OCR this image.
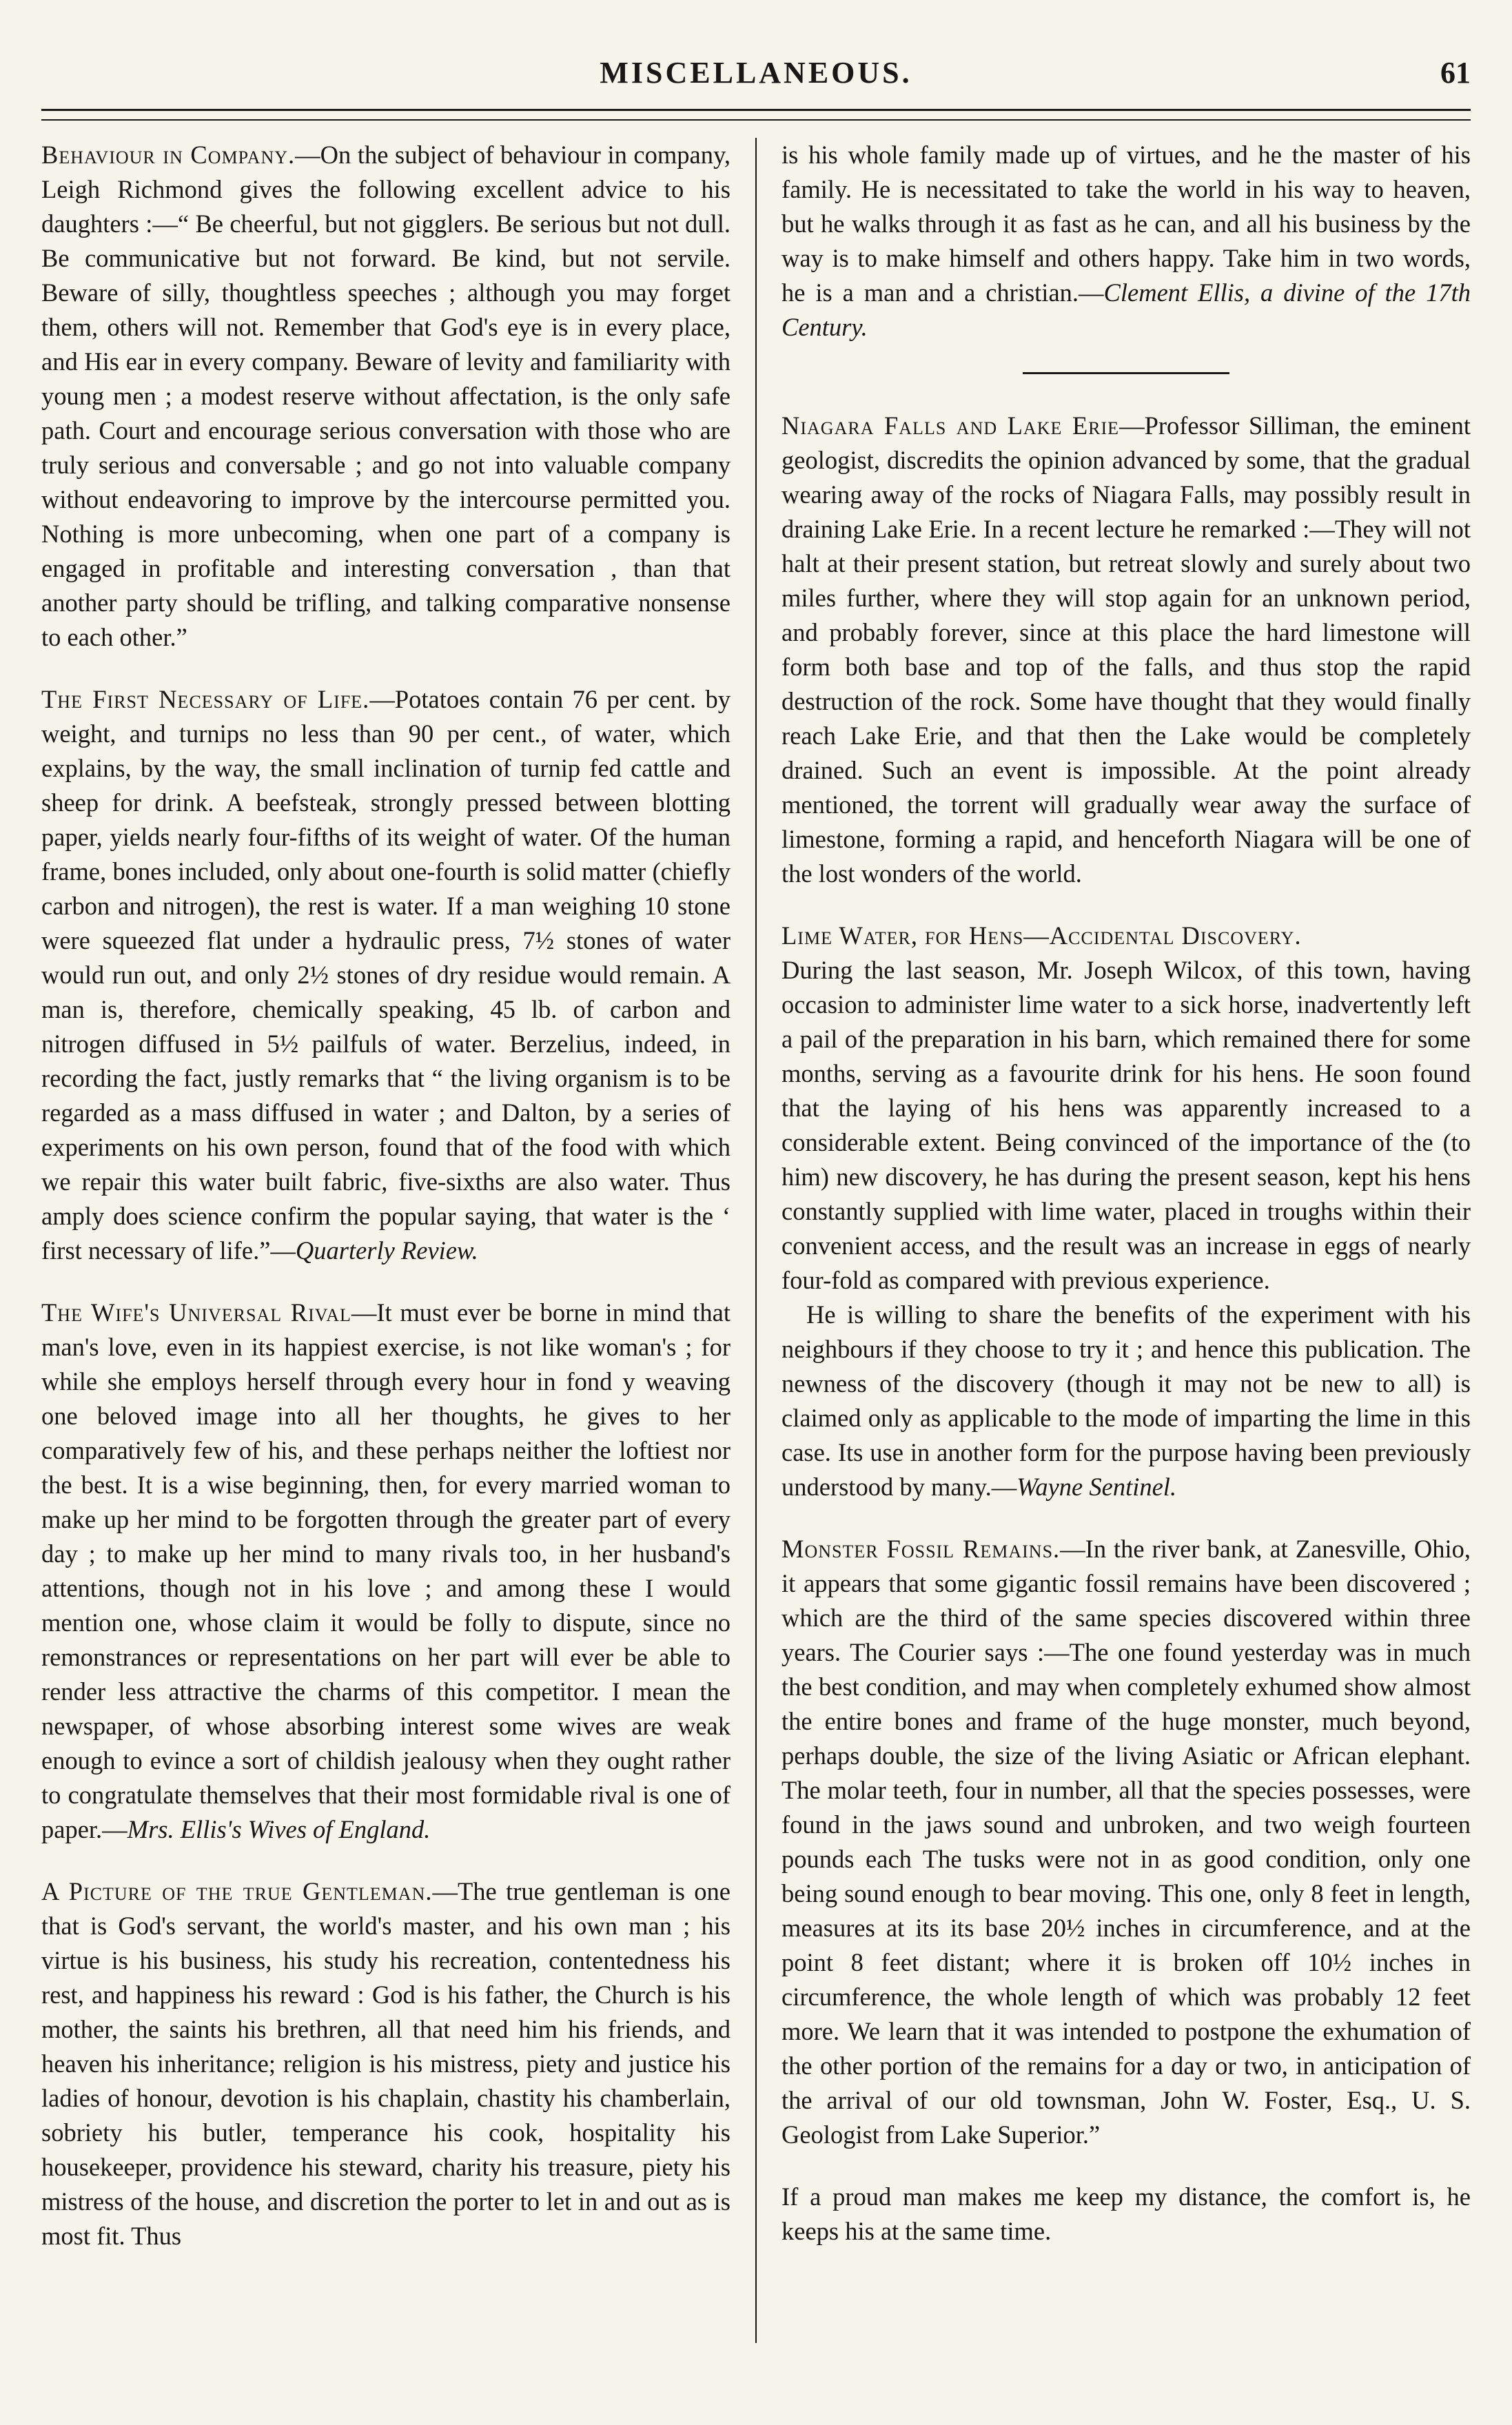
MISCELLANEOUS.	61

Behaviour in Company.—On the subject of behaviour in company, Leigh Richmond gives the following excellent advice to his daughters :—“ Be cheerful, but not gigglers. Be serious but not dull. Be communicative but not forward. Be kind, but not servile. Beware of silly, thoughtless speeches ; although you may forget them, others will not. Remember that God's eye is in every place, and His ear in every company. Beware of levity and familiarity with young men ; a modest reserve without affectation, is the only safe path. Court and encourage serious conversation with those who are truly serious and conversable ; and go not into valuable company without endeavoring to improve by the intercourse permitted you. Nothing is more unbecoming, when one part of a company is engaged in profitable and interesting conversation , than that another party should be trifling, and talking comparative nonsense to each other.”

The First Necessary of Life.—Potatoes contain 76 per cent. by weight, and turnips no less than 90 per cent., of water, which explains, by the way, the small inclination of turnip fed cattle and sheep for drink. A beefsteak, strongly pressed between blotting paper, yields nearly four-fifths of its weight of water. Of the human frame, bones included, only about one-fourth is solid matter (chiefly carbon and nitrogen), the rest is water. If a man weighing 10 stone were squeezed flat under a hydraulic press, 7½ stones of water would run out, and only 2½ stones of dry residue would remain. A man is, therefore, chemically speaking, 45 lb. of carbon and nitrogen diffused in 5½ pailfuls of water. Berzelius, indeed, in recording the fact, justly remarks that “ the living organism is to be regarded as a mass diffused in water ; and Dalton, by a series of experiments on his own person, found that of the food with which we repair this water built fabric, five-sixths are also water. Thus amply does science confirm the popular saying, that water is the ‘ first necessary of life.”—Quarterly Review.

The Wife's Universal Rival—It must ever be borne in mind that man's love, even in its happiest exercise, is not like woman's ; for while she employs herself through every hour in fond y weaving one beloved image into all her thoughts, he gives to her comparatively few of his, and these perhaps neither the loftiest nor the best. It is a wise beginning, then, for every married woman to make up her mind to be forgotten through the greater part of every day ; to make up her mind to many rivals too, in her husband's attentions, though not in his love ; and among these I would mention one, whose claim it would be folly to dispute, since no remonstrances or representations on her part will ever be able to render less attractive the charms of this competitor. I mean the newspaper, of whose absorbing interest some wives are weak enough to evince a sort of childish jealousy when they ought rather to congratulate themselves that their most formidable rival is one of paper.—Mrs. Ellis's Wives of England.

A Picture of the true Gentleman.—The true gentleman is one that is God's servant, the world's master, and his own man ; his virtue is his business, his study his recreation, contentedness his rest, and happiness his reward : God is his father, the Church is his mother, the saints his brethren, all that need him his friends, and heaven his inheritance; religion is his mistress, piety and justice his ladies of honour, devotion is his chaplain, chastity his chamberlain, sobriety his butler, temperance his cook, hospitality his housekeeper, providence his steward, charity his treasure, piety his mistress of the house, and discretion the porter to let in and out as is most fit. Thus

is his whole family made up of virtues, and he the master of his family. He is necessitated to take the world in his way to heaven, but he walks through it as fast as he can, and all his business by the way is to make himself and others happy. Take him in two words, he is a man and a christian.—Clement Ellis, a divine of the 17th Century.

Niagara Falls and Lake Erie—Professor Silliman, the eminent geologist, discredits the opinion advanced by some, that the gradual wearing away of the rocks of Niagara Falls, may possibly result in draining Lake Erie. In a recent lecture he remarked :—They will not halt at their present station, but retreat slowly and surely about two miles further, where they will stop again for an unknown period, and probably forever, since at this place the hard limestone will form both base and top of the falls, and thus stop the rapid destruction of the rock. Some have thought that they would finally reach Lake Erie, and that then the Lake would be completely drained. Such an event is impossible. At the point already mentioned, the torrent will gradually wear away the surface of limestone, forming a rapid, and henceforth Niagara will be one of the lost wonders of the world.

Lime Water, for Hens—Accidental Discovery.
During the last season, Mr. Joseph Wilcox, of this town, having occasion to administer lime water to a sick horse, inadvertently left a pail of the preparation in his barn, which remained there for some months, serving as a favourite drink for his hens. He soon found that the laying of his hens was apparently increased to a considerable extent. Being convinced of the importance of the (to him) new discovery, he has during the present season, kept his hens constantly supplied with lime water, placed in troughs within their convenient access, and the result was an increase in eggs of nearly four-fold as compared with previous experience.

He is willing to share the benefits of the experiment with his neighbours if they choose to try it ; and hence this publication. The newness of the discovery (though it may not be new to all) is claimed only as applicable to the mode of imparting the lime in this case. Its use in another form for the purpose having been previously understood by many.—Wayne Sentinel.

Monster Fossil Remains.—In the river bank, at Zanesville, Ohio, it appears that some gigantic fossil remains have been discovered ; which are the third of the same species discovered within three years. The Courier says :—The one found yesterday was in much the best condition, and may when completely exhumed show almost the entire bones and frame of the huge monster, much beyond, perhaps double, the size of the living Asiatic or African elephant. The molar teeth, four in number, all that the species possesses, were found in the jaws sound and unbroken, and two weigh fourteen pounds each The tusks were not in as good condition, only one being sound enough to bear moving. This one, only 8 feet in length, measures at its its base 20½ inches in circumference, and at the point 8 feet distant; where it is broken off 10½ inches in circumference, the whole length of which was probably 12 feet more. We learn that it was intended to postpone the exhumation of the other portion of the remains for a day or two, in anticipation of the arrival of our old townsman, John W. Foster, Esq., U. S. Geologist from Lake Superior.”

If a proud man makes me keep my distance, the comfort is, he keeps his at the same time.
